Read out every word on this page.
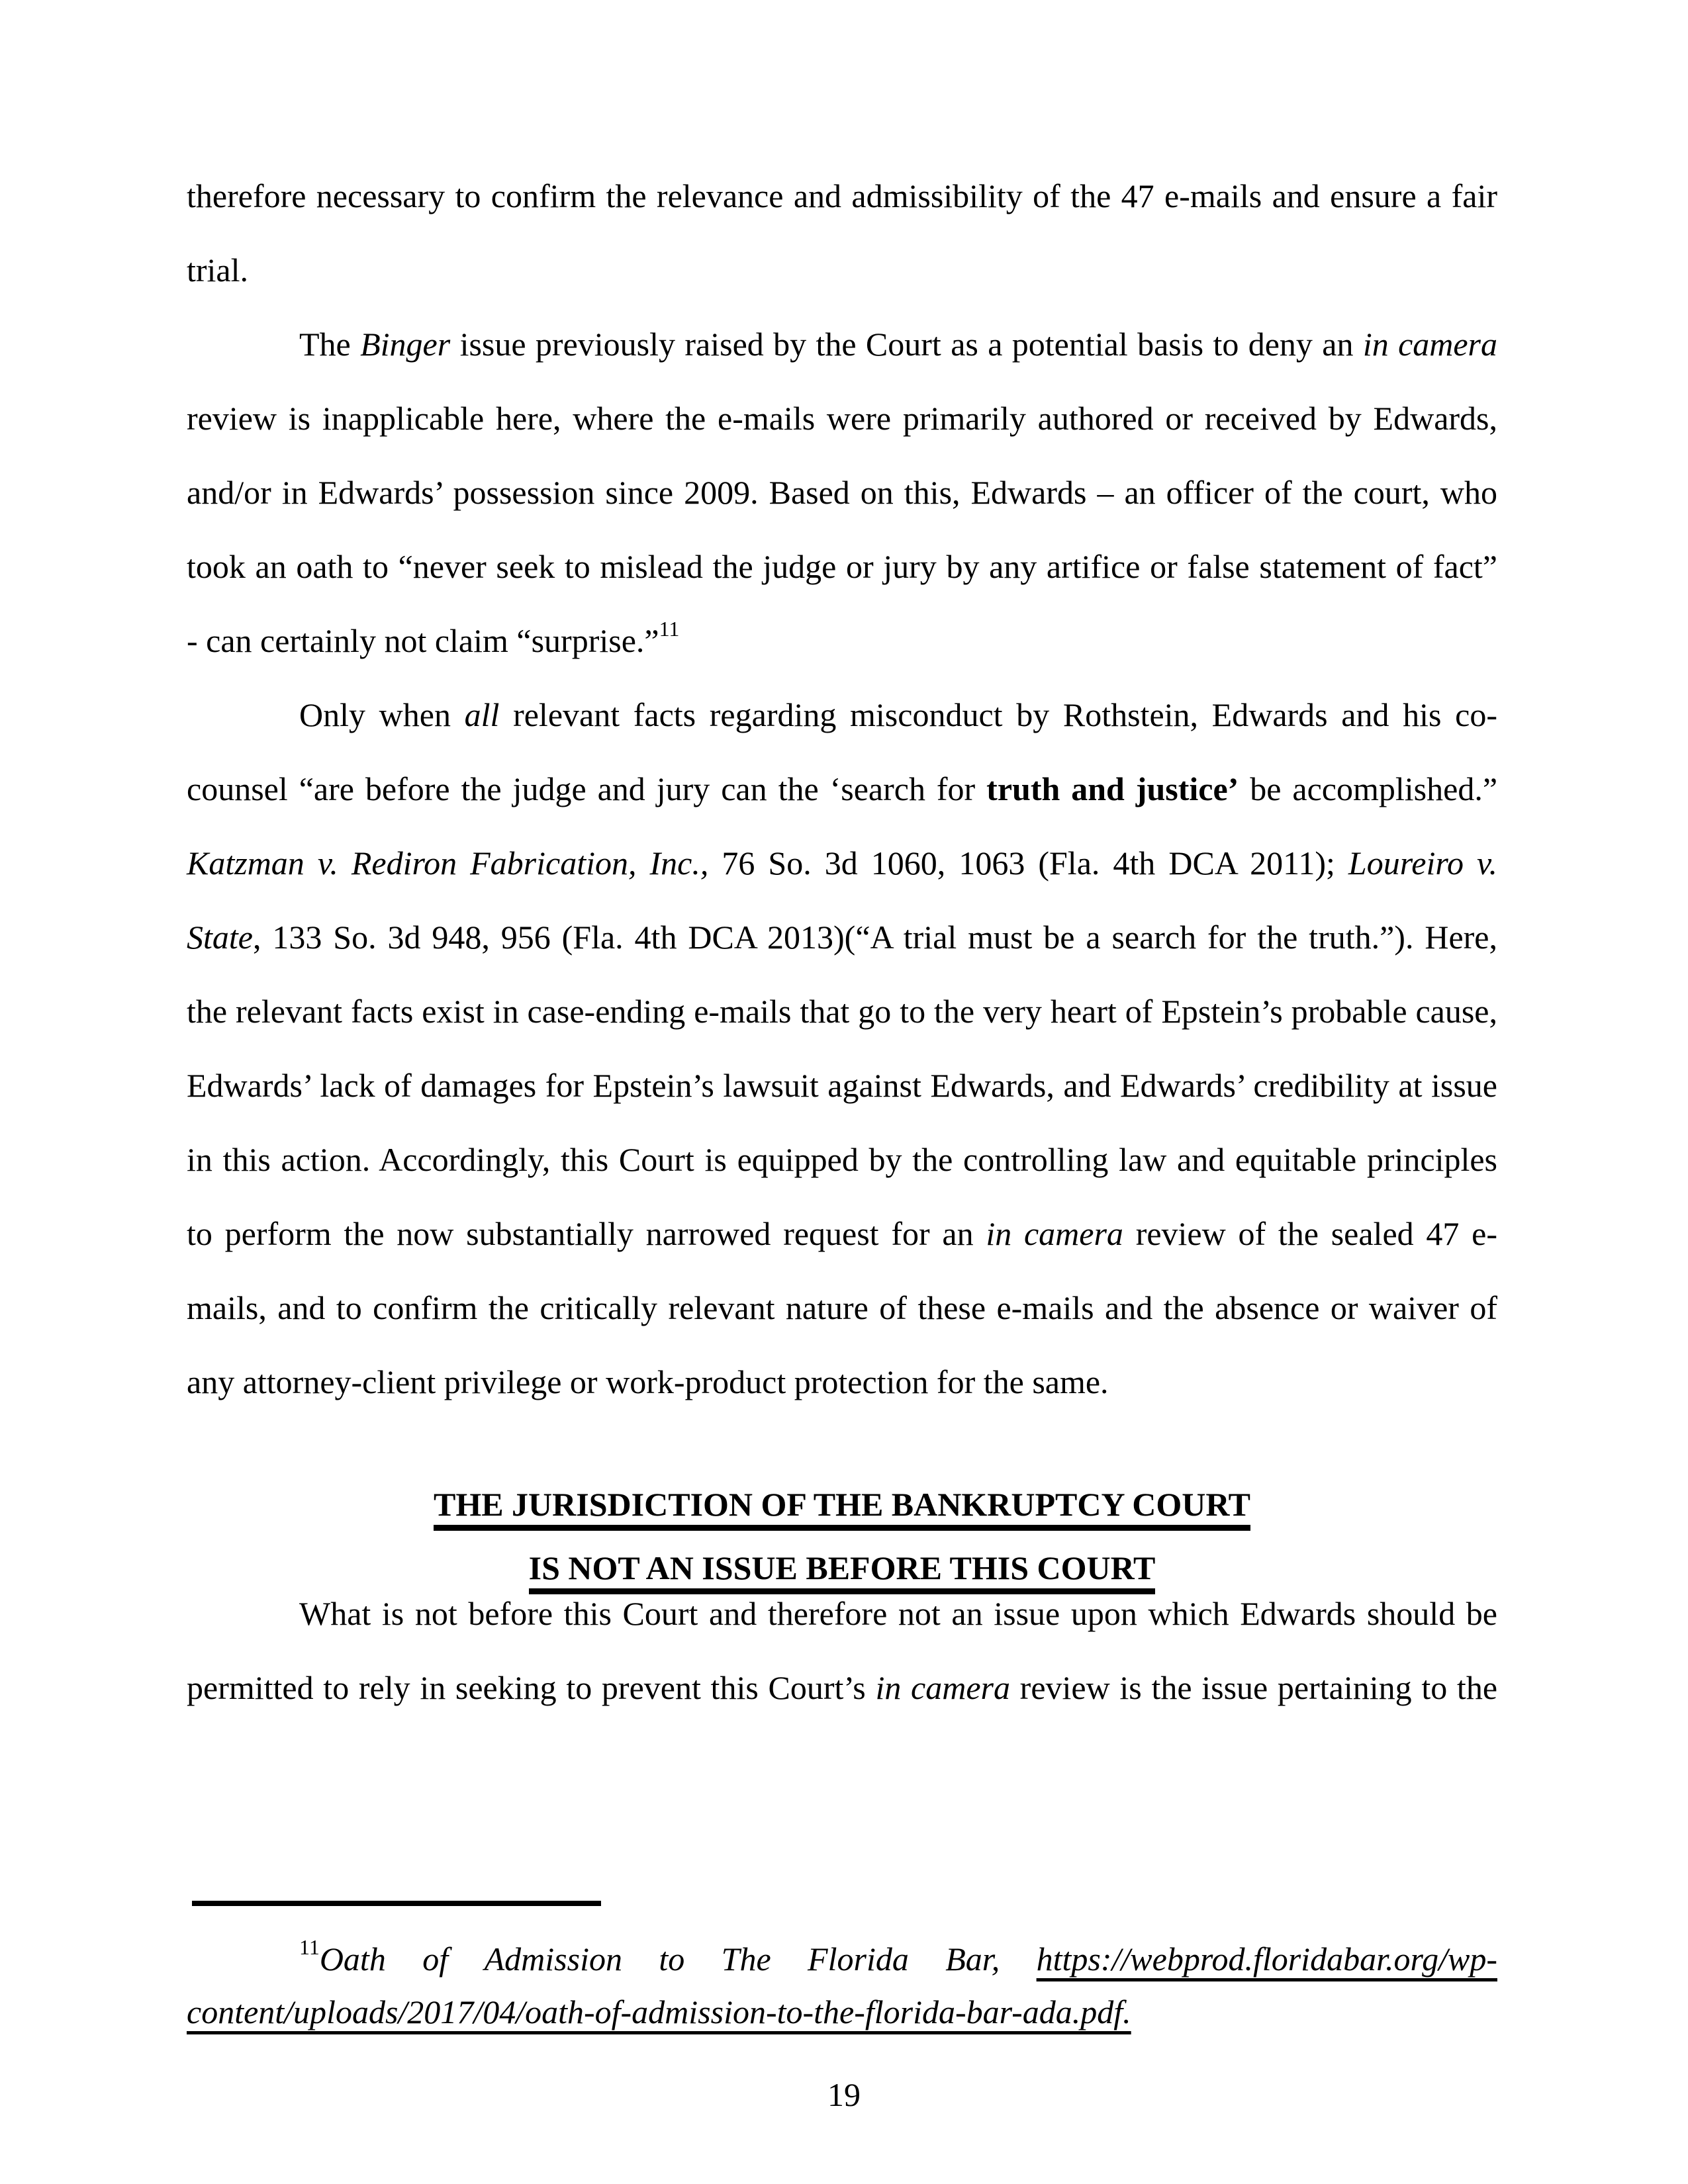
therefore necessary to confirm the relevance and admissibility of the 47 e-mails and ensure a fair
trial.
The Binger issue previously raised by the Court as a potential basis to deny an in camera
review is inapplicable here, where the e-mails were primarily authored or received by Edwards,
and/or in Edwards’ possession since 2009. Based on this, Edwards – an officer of the court, who
took an oath to “never seek to mislead the judge or jury by any artifice or false statement of fact”
- can certainly not claim “surprise.”$^{11}$
Only when all relevant facts regarding misconduct by Rothstein, Edwards and his co-
counsel “are before the judge and jury can the ‘search for truth and justice’ be accomplished.”
Katzman v. Rediron Fabrication, Inc., 76 So. 3d 1060, 1063 (Fla. 4th DCA 2011); Loureiro v.
State, 133 So. 3d 948, 956 (Fla. 4th DCA 2013)(“A trial must be a search for the truth.”). Here,
the relevant facts exist in case-ending e-mails that go to the very heart of Epstein’s probable cause,
Edwards’ lack of damages for Epstein’s lawsuit against Edwards, and Edwards’ credibility at issue
in this action. Accordingly, this Court is equipped by the controlling law and equitable principles
to perform the now substantially narrowed request for an in camera review of the sealed 47 e-
mails, and to confirm the critically relevant nature of these e-mails and the absence or waiver of
any attorney-client privilege or work-product protection for the same.
THE JURISDICTION OF THE BANKRUPTCY COURT
IS NOT AN ISSUE BEFORE THIS COURT
What is not before this Court and therefore not an issue upon which Edwards should be
permitted to rely in seeking to prevent this Court’s in camera review is the issue pertaining to the
$^{11}$Oath of Admission to The Florida Bar, https://webprod.floridabar.org/wp-
content/uploads/2017/04/oath-of-admission-to-the-florida-bar-ada.pdf.
19
